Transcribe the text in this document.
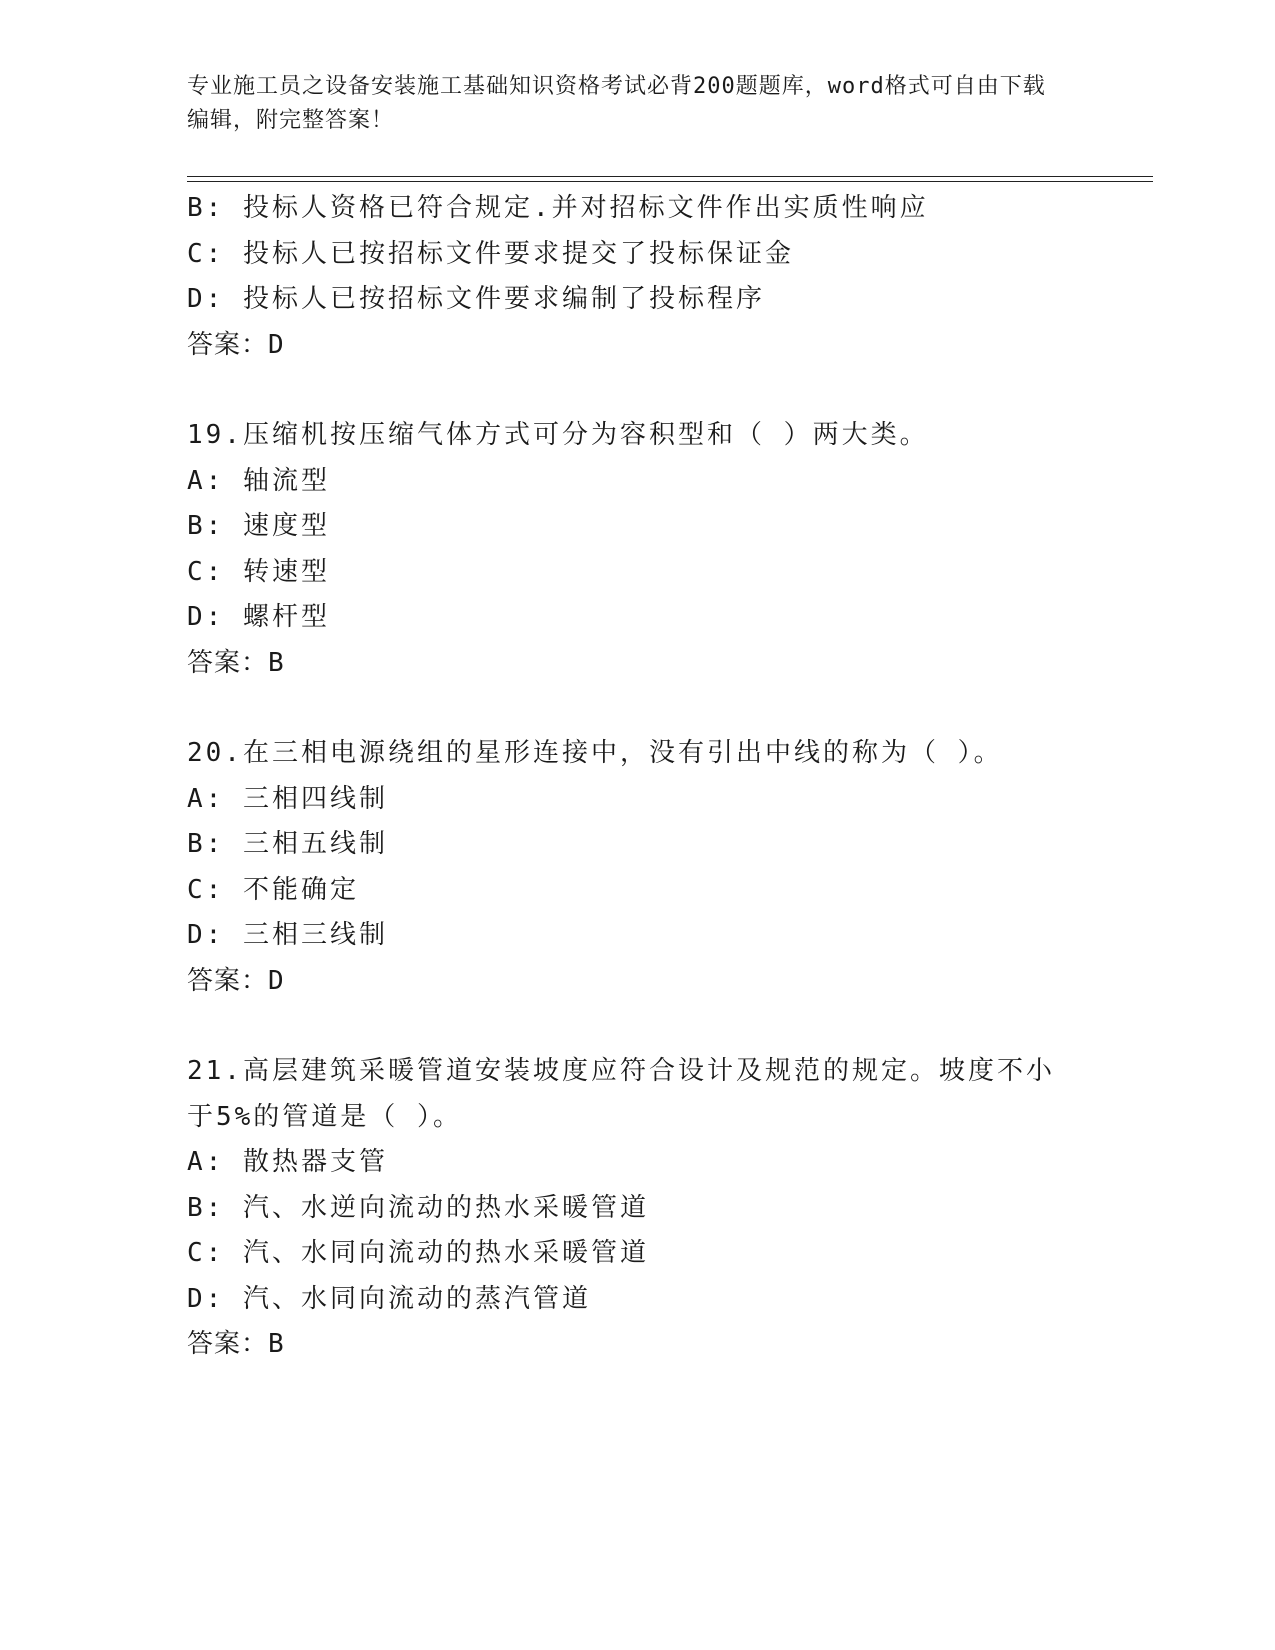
专业施工员之设备安装施工基础知识资格考试必背200题题库，word格式可自由下载编辑，附完整答案！
B: 投标人资格已符合规定.并对招标文件作出实质性响应
C: 投标人已按招标文件要求提交了投标保证金
D: 投标人已按招标文件要求编制了投标程序
答案：D
19.压缩机按压缩气体方式可分为容积型和（ ）两大类。
A: 轴流型
B: 速度型
C: 转速型
D: 螺杆型
答案：B
20.在三相电源绕组的星形连接中，没有引出中线的称为（ ）。
A: 三相四线制
B: 三相五线制
C: 不能确定
D: 三相三线制
答案：D
21.高层建筑采暖管道安装坡度应符合设计及规范的规定。坡度不小于5%的管道是（ ）。
A: 散热器支管
B: 汽、水逆向流动的热水采暖管道
C: 汽、水同向流动的热水采暖管道
D: 汽、水同向流动的蒸汽管道
答案：B
